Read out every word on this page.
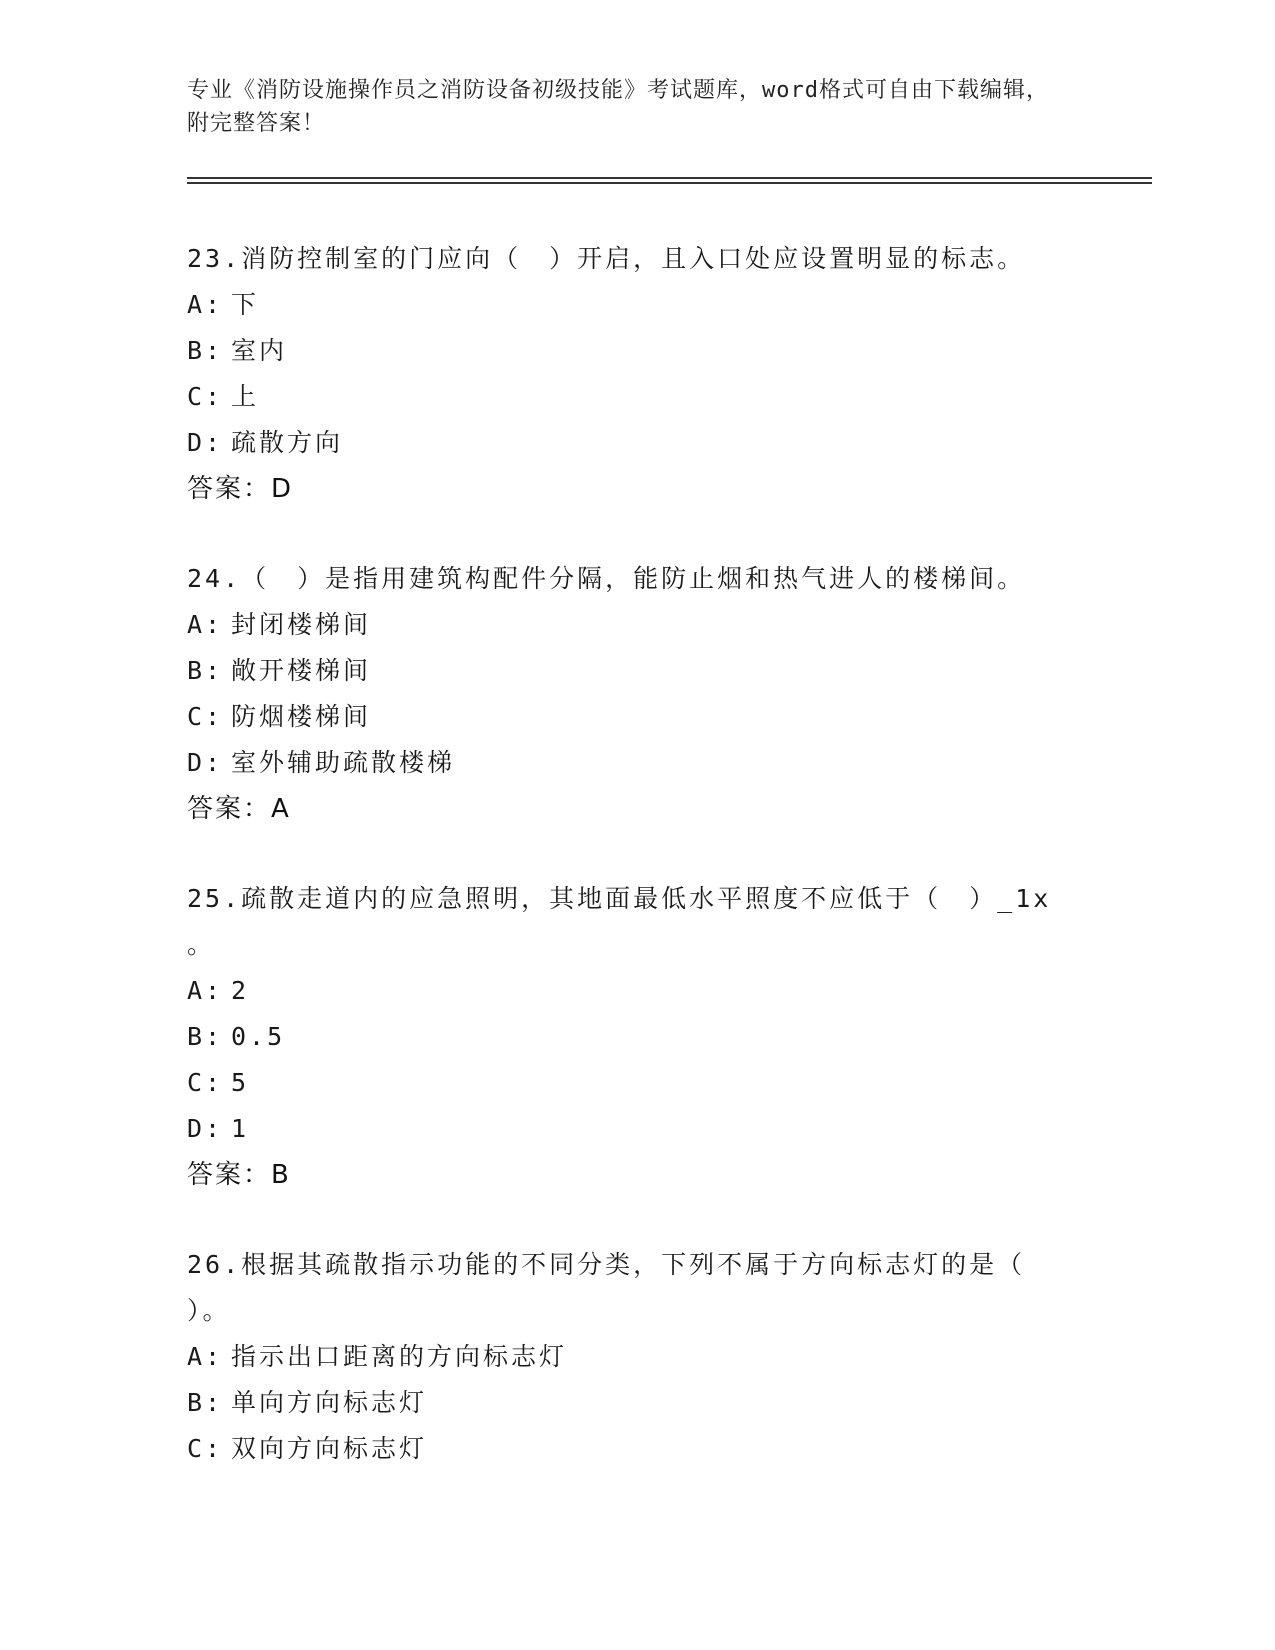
专业《消防设施操作员之消防设备初级技能》考试题库，word格式可自由下载编辑，附完整答案！
23.消防控制室的门应向（　）开启，且入口处应设置明显的标志。
A: 下
B: 室内
C: 上
D: 疏散方向
答案：D
24.（　）是指用建筑构配件分隔，能防止烟和热气进人的楼梯间。
A: 封闭楼梯间
B: 敞开楼梯间
C: 防烟楼梯间
D: 室外辅助疏散楼梯
答案：A
25.疏散走道内的应急照明，其地面最低水平照度不应低于（　）_1x
。
A: 2
B: 0.5
C: 5
D: 1
答案：B
26.根据其疏散指示功能的不同分类，下列不属于方向标志灯的是（
）。
A: 指示出口距离的方向标志灯
B: 单向方向标志灯
C: 双向方向标志灯
